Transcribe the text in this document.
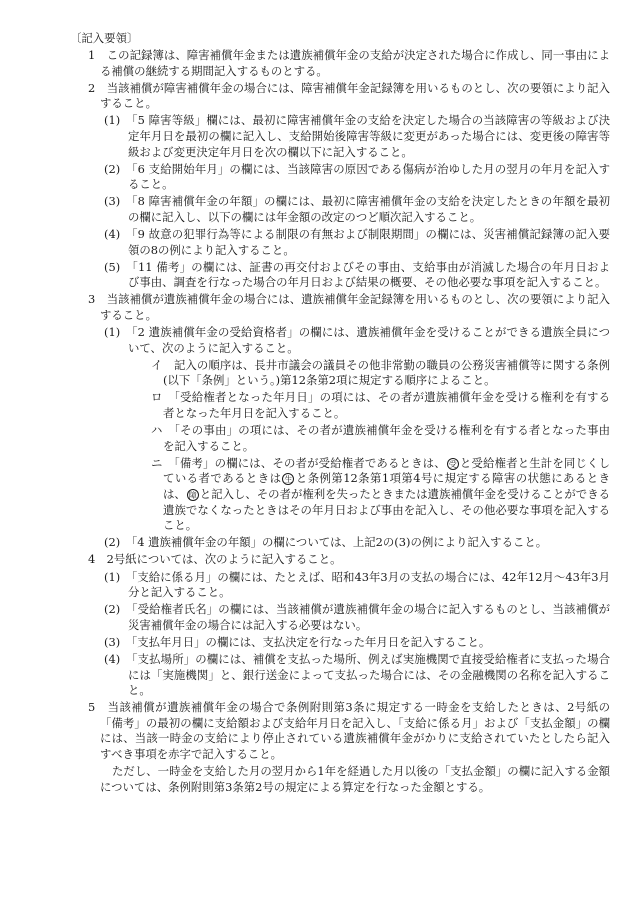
〔記入要領〕

1　この記録簿は、障害補償年金または遺族補償年金の支給が決定された場合に作成し、同一事由による補償の継続する期間記入するものとする。

2　当該補償が障害補償年金の場合には、障害補償年金記録簿を用いるものとし、次の要領により記入すること。

(1)　「5 障害等級」欄には、最初に障害補償年金の支給を決定した場合の当該障害の等級および決定年月日を最初の欄に記入し、支給開始後障害等級に変更があった場合には、変更後の障害等級および変更決定年月日を次の欄以下に記入すること。

(2)　「6 支給開始年月」の欄には、当該障害の原因である傷病が治ゆした月の翌月の年月を記入すること。

(3)　「8 障害補償年金の年額」の欄には、最初に障害補償年金の支給を決定したときの年額を最初の欄に記入し、以下の欄には年金額の改定のつど順次記入すること。

(4)　「9 故意の犯罪行為等による制限の有無および制限期間」の欄には、災害補償記録簿の記入要領の8の例により記入すること。

(5)　「11 備考」の欄には、証書の再交付およびその事由、支給事由が消滅した場合の年月日および事由、調査を行なった場合の年月日および結果の概要、その他必要な事項を記入すること。

3　当該補償が遺族補償年金の場合には、遺族補償年金記録簿を用いるものとし、次の要領により記入すること。

(1)　「2 遺族補償年金の受給資格者」の欄には、遺族補償年金を受けることができる遺族全員について、次のように記入すること。

イ　記入の順序は、長井市議会の議員その他非常勤の職員の公務災害補償等に関する条例(以下「条例」という。)第12条第2項に規定する順序によること。

ロ　「受給権者となった年月日」の項には、その者が遺族補償年金を受ける権利を有する者となった年月日を記入すること。

ハ　「その事由」の項には、その者が遺族補償年金を受ける権利を有する者となった事由を記入すること。

ニ　「備考」の欄には、その者が受給権者であるときは、 受 と受給権者と生計を同じくしている者であるときは 生 と条例第12条第1項第4号に規定する障害の状態にあるときは、 障 と記入し、その者が権利を失ったときまたは遺族補償年金を受けることができる遺族でなくなったときはその年月日および事由を記入し、その他必要な事項を記入すること。

(2)　「4 遺族補償年金の年額」の欄については、上記2の(3)の例により記入すること。

4　2号紙については、次のように記入すること。

(1)　「支給に係る月」の欄には、たとえば、昭和43年3月の支払の場合には、42年12月～43年3月分と記入すること。

(2)　「受給権者氏名」の欄には、当該補償が遺族補償年金の場合に記入するものとし、当該補償が災害補償年金の場合には記入する必要はない。

(3)　「支払年月日」の欄には、支払決定を行なった年月日を記入すること。

(4)　「支払場所」の欄には、補償を支払った場所、例えば実施機関で直接受給権者に支払った場合には「実施機関」と、銀行送金によって支払った場合には、その金融機関の名称を記入すること。

5　当該補償が遺族補償年金の場合で条例附則第3条に規定する一時金を支給したときは、2号紙の「備考」の最初の欄に支給額および支給年月日を記入し、「支給に係る月」および「支払金額」の欄には、当該一時金の支給により停止されている遺族補償年金がかりに支給されていたとしたら記入すべき事項を赤字で記入すること。

ただし、一時金を支給した月の翌月から1年を経過した月以後の「支払金額」の欄に記入する金額については、条例附則第3条第2号の規定による算定を行なった金額とする。
